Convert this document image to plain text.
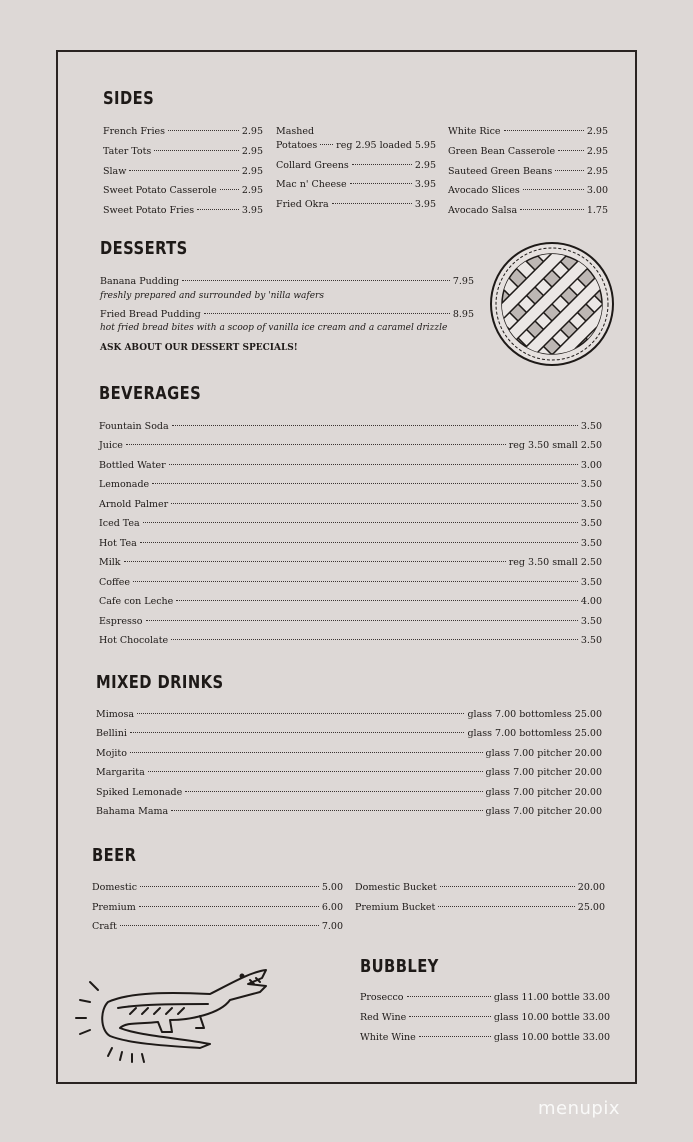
SIDES
French Fries	2.95
Tater Tots	2.95
Slaw	2.95
Sweet Potato Casserole	2.95
Sweet Potato Fries	3.95
Mashed
Potatoes reg 2.95 loaded 5.95
Collard Greens	2.95
Mac n' Cheese	3.95
Fried Okra	3.95
White Rice	2.95
Green Bean Casserole	2.95
Sauteed Green Beans	2.95
Avocado Slices	3.00
Avocado Salsa	1.75
DESSERTS
Banana Pudding	7.95
freshly prepared and surrounded by 'nilla wafers
Fried Bread Pudding	8.95
hot fried bread bites with a scoop of vanilla ice cream and a caramel drizzle
ASK ABOUT OUR DESSERT SPECIALS!
BEVERAGES
Fountain Soda	3.50
Juice	reg 3.50 small 2.50
Bottled Water	3.00
Lemonade	3.50
Arnold Palmer	3.50
Iced Tea	3.50
Hot Tea	3.50
Milk	reg 3.50 small 2.50
Coffee	3.50
Cafe con Leche	4.00
Espresso	3.50
Hot Chocolate	3.50
MIXED DRINKS
Mimosa	glass 7.00 bottomless 25.00
Bellini	glass 7.00 bottomless 25.00
Mojito	glass 7.00 pitcher 20.00
Margarita	glass 7.00 pitcher 20.00
Spiked Lemonade	glass 7.00 pitcher 20.00
Bahama Mama	glass 7.00 pitcher 20.00
BEER
Domestic	5.00
Premium	6.00
Craft	7.00
Domestic Bucket	20.00
Premium Bucket	25.00
BUBBLEY
Prosecco	glass 11.00 bottle 33.00
Red Wine	glass 10.00 bottle 33.00
White Wine	glass 10.00 bottle 33.00
menupix
